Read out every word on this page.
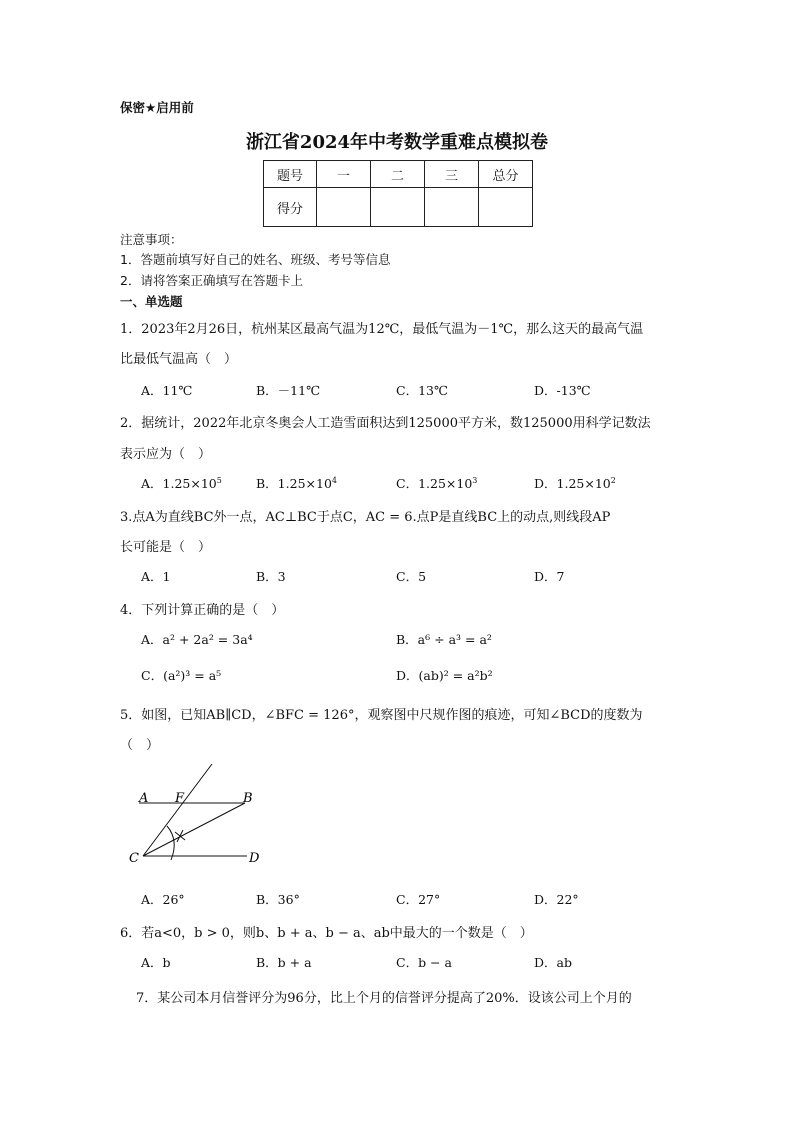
保密★启用前
浙江省2024年中考数学重难点模拟卷
题号	一	二	三	总分
得分				
注意事项：
1．答题前填写好自己的姓名、班级、考号等信息
2．请将答案正确填写在答题卡上
一、单选题
1．2023年2月26日，杭州某区最高气温为12℃，最低气温为－1℃，那么这天的最高气温
比最低气温高（　）
A．11℃	B．－11℃	C．13℃	D．-13℃
2．据统计，2022年北京冬奥会人工造雪面积达到125000平方米，数125000用科学记数法
表示应为（　）
A．$1.25\times 10^5$	B．$1.25\times 10^4$	C．$1.25\times 10^3$	D．$1.25\times 10^2$
3.点A为直线BC外一点，AC⊥BC于点C，AC = 6.点P是直线BC上的动点,则线段AP
长可能是（　）
A．1	B．3	C．5	D．7
4．下列计算正确的是（　）
A．a² + 2a² = 3a⁴	B．a⁶ ÷ a³ = a²
C．(a²)³ = a⁵	D．(ab)² = a²b²
5．如图，已知AB∥CD，∠BFC = 126°，观察图中尺规作图的痕迹，可知∠BCD的度数为
（　）
A F	B
C	D
A．26°	B．36°	C．27°	D．22°
6．若a<0，b > 0，则b、b + a、b − a、ab中最大的一个数是（　）
A．b	B．b + a	C．b − a	D．ab
7．某公司本月信誉评分为96分，比上个月的信誉评分提高了20%．设该公司上个月的
